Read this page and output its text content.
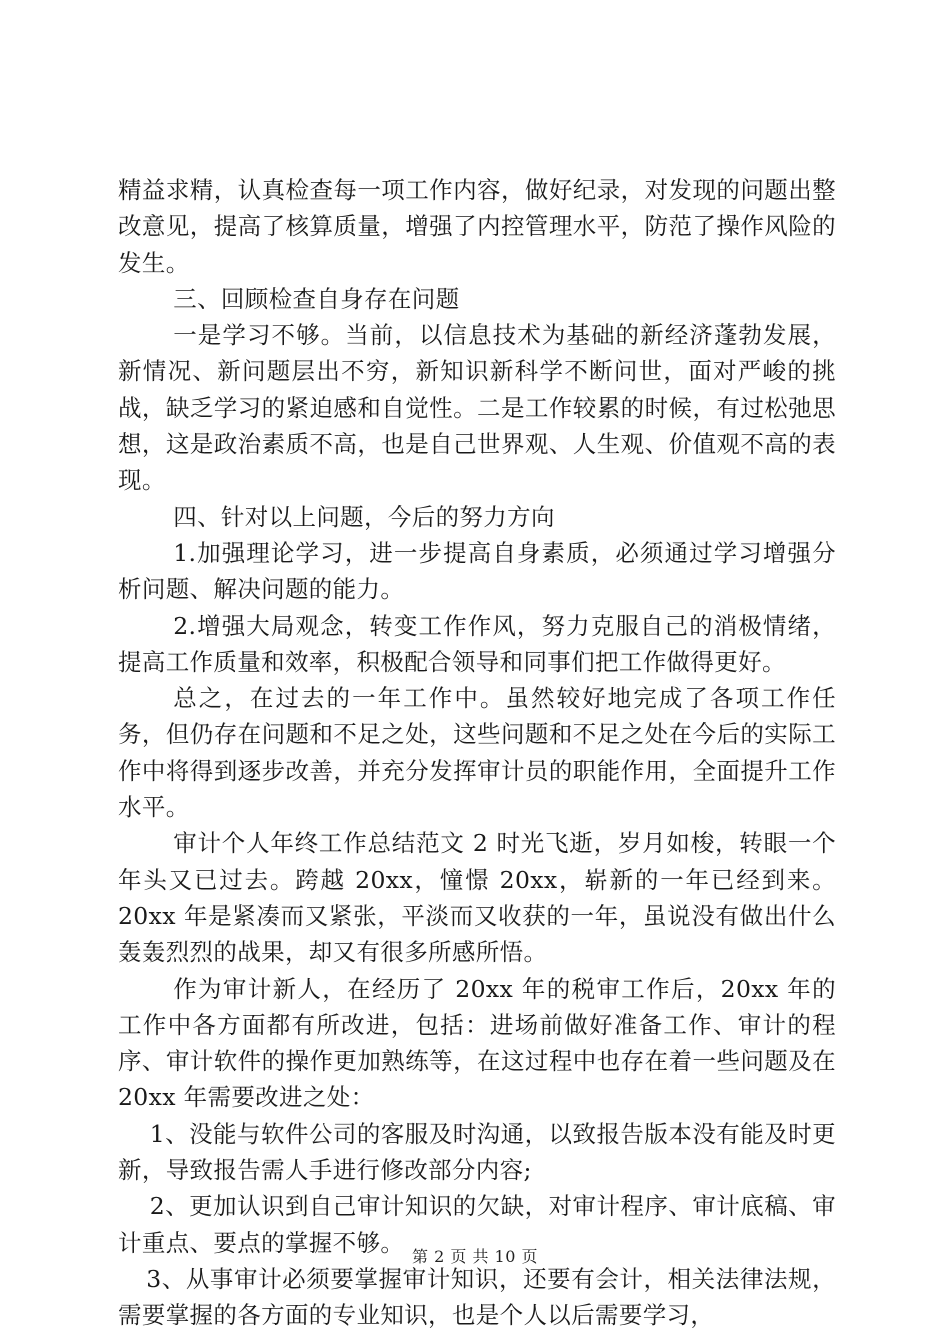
精益求精，认真检查每一项工作内容，做好纪录，对发现的问题出整改意见，提高了核算质量，增强了内控管理水平，防范了操作风险的发生。

三、回顾检查自身存在问题

一是学习不够。当前，以信息技术为基础的新经济蓬勃发展，新情况、新问题层出不穷，新知识新科学不断问世，面对严峻的挑战，缺乏学习的紧迫感和自觉性。二是工作较累的时候，有过松弛思想，这是政治素质不高，也是自己世界观、人生观、价值观不高的表现。

四、针对以上问题，今后的努力方向

1.加强理论学习，进一步提高自身素质，必须通过学习增强分析问题、解决问题的能力。

2.增强大局观念，转变工作作风，努力克服自己的消极情绪，提高工作质量和效率，积极配合领导和同事们把工作做得更好。

总之，在过去的一年工作中。虽然较好地完成了各项工作任务，但仍存在问题和不足之处，这些问题和不足之处在今后的实际工作中将得到逐步改善，并充分发挥审计员的职能作用，全面提升工作水平。

审计个人年终工作总结范文 2 时光飞逝，岁月如梭，转眼一个年头又已过去。跨越 20xx，憧憬 20xx，崭新的一年已经到来。20xx 年是紧凑而又紧张，平淡而又收获的一年，虽说没有做出什么轰轰烈烈的战果，却又有很多所感所悟。

作为审计新人，在经历了 20xx 年的税审工作后，20xx 年的工作中各方面都有所改进，包括：进场前做好准备工作、审计的程序、审计软件的操作更加熟练等，在这过程中也存在着一些问题及在 20xx 年需要改进之处：

1、没能与软件公司的客服及时沟通，以致报告版本没有能及时更新，导致报告需人手进行修改部分内容;

2、更加认识到自己审计知识的欠缺，对审计程序、审计底稿、审计重点、要点的掌握不够。

3、从事审计必须要掌握审计知识，还要有会计，相关法律法规，需要掌握的各方面的专业知识，也是个人以后需要学习，

第 2 页 共 10 页
